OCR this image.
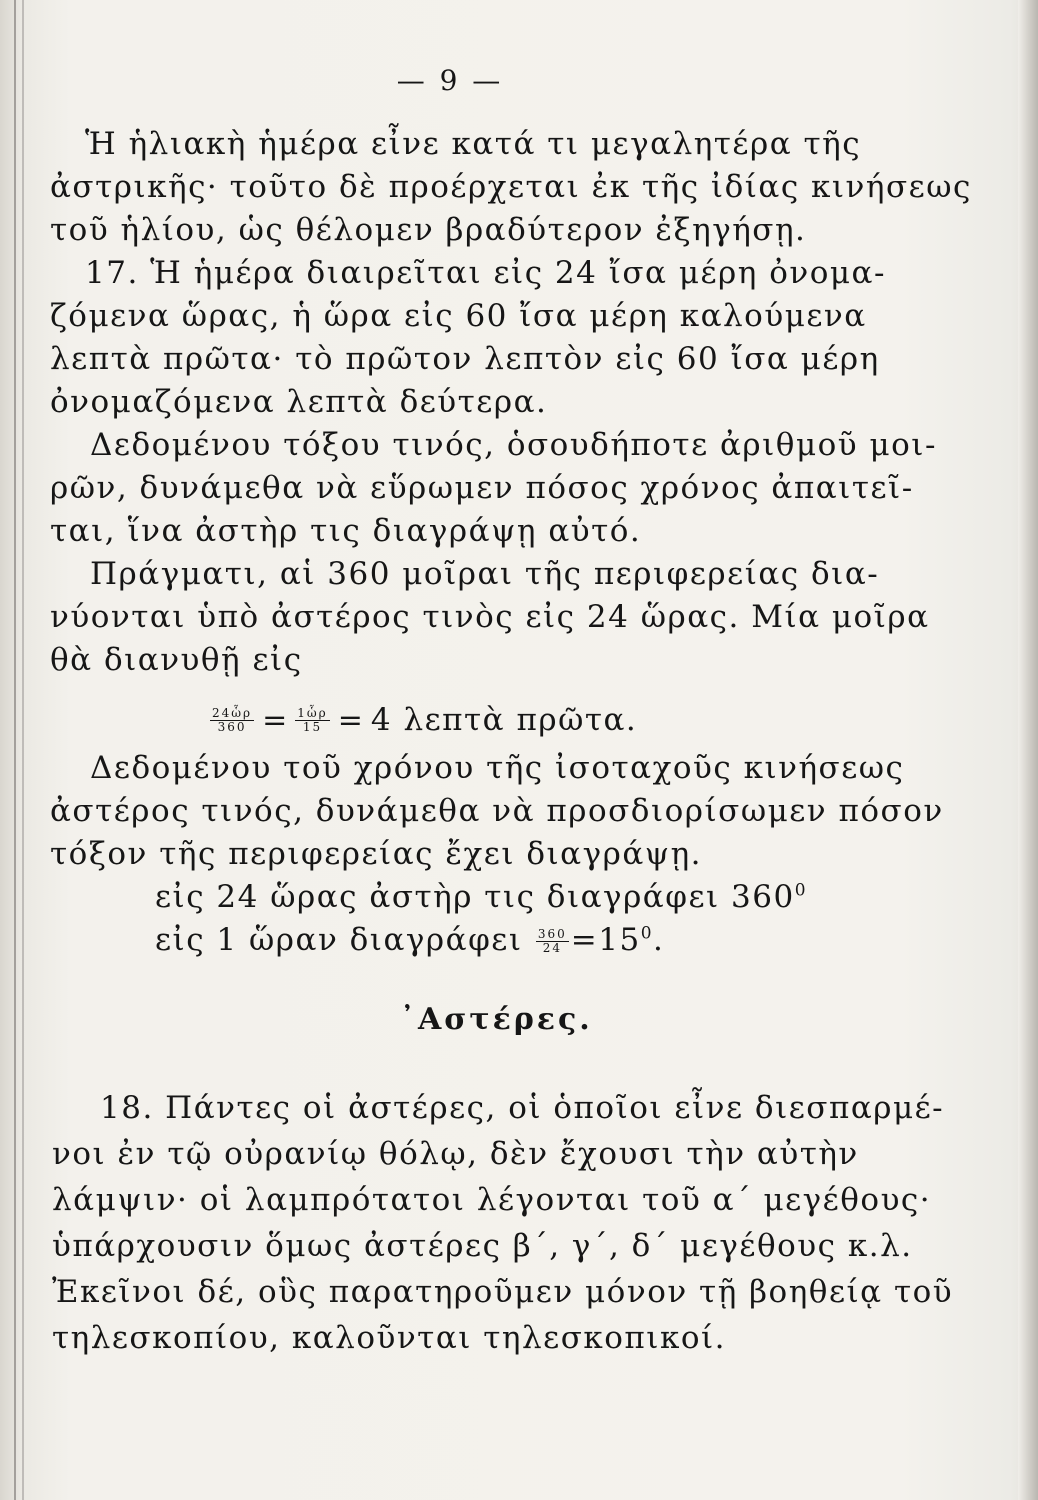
— 9 —
Ἡ ἡλιακὴ ἡμέρα εἶνε κατά τι μεγαλητέρα τῆς
ἀστρικῆς· τοῦτο δὲ προέρχεται ἐκ τῆς ἰδίας κινήσεως
τοῦ ἡλίου, ὡς θέλομεν βραδύτερον ἐξηγήσῃ.
17. Ἡ ἡμέρα διαιρεῖται εἰς 24 ἴσα μέρη ὀνομα-
ζόμενα ὥρας, ἡ ὥρα εἰς 60 ἴσα μέρη καλούμενα
λεπτὰ πρῶτα· τὸ πρῶτον λεπτὸν εἰς 60 ἴσα μέρη
ὀνομαζόμενα λεπτὰ δεύτερα.
Δεδομένου τόξου τινός, ὁσουδήποτε ἀριθμοῦ μοι-
ρῶν, δυνάμεθα νὰ εὕρωμεν πόσος χρόνος ἀπαιτεῖ-
ται, ἵνα ἀστὴρ τις διαγράψῃ αὐτό.
Πράγματι, αἱ 360 μοῖραι τῆς περιφερείας δια-
νύονται ὑπὸ ἀστέρος τινὸς εἰς 24 ὥρας. Μία μοῖρα
θὰ διανυθῇ εἰς
$\frac{\text{24ὧρ}}{360} = \frac{\text{1ὧρ}}{15} = 4$ λεπτὰ πρῶτα.
Δεδομένου τοῦ χρόνου τῆς ἰσοταχοῦς κινήσεως
ἀστέρος τινός, δυνάμεθα νὰ προσδιορίσωμεν πόσον
τόξον τῆς περιφερείας ἔχει διαγράψῃ.
εἰς 24 ὥρας ἀστὴρ τις διαγράφει $360^0$
εἰς 1 ὥραν διαγράφει $\frac{360}{24} =15^0$.
᾿Αστέρες.
18. Πάντες οἱ ἀστέρες, οἱ ὁποῖοι εἶνε διεσπαρμέ-
νοι ἐν τῷ οὐρανίῳ θόλῳ, δὲν ἔχουσι τὴν αὐτὴν
λάμψιν· οἱ λαμπρότατοι λέγονται τοῦ α΄ μεγέθους·
ὑπάρχουσιν ὅμως ἀστέρες β΄, γ΄, δ΄ μεγέθους κ.λ.
Ἐκεῖνοι δέ, οὓς παρατηροῦμεν μόνον τῇ βοηθείᾳ τοῦ
τηλεσκοπίου, καλοῦνται τηλεσκοπικοί.
